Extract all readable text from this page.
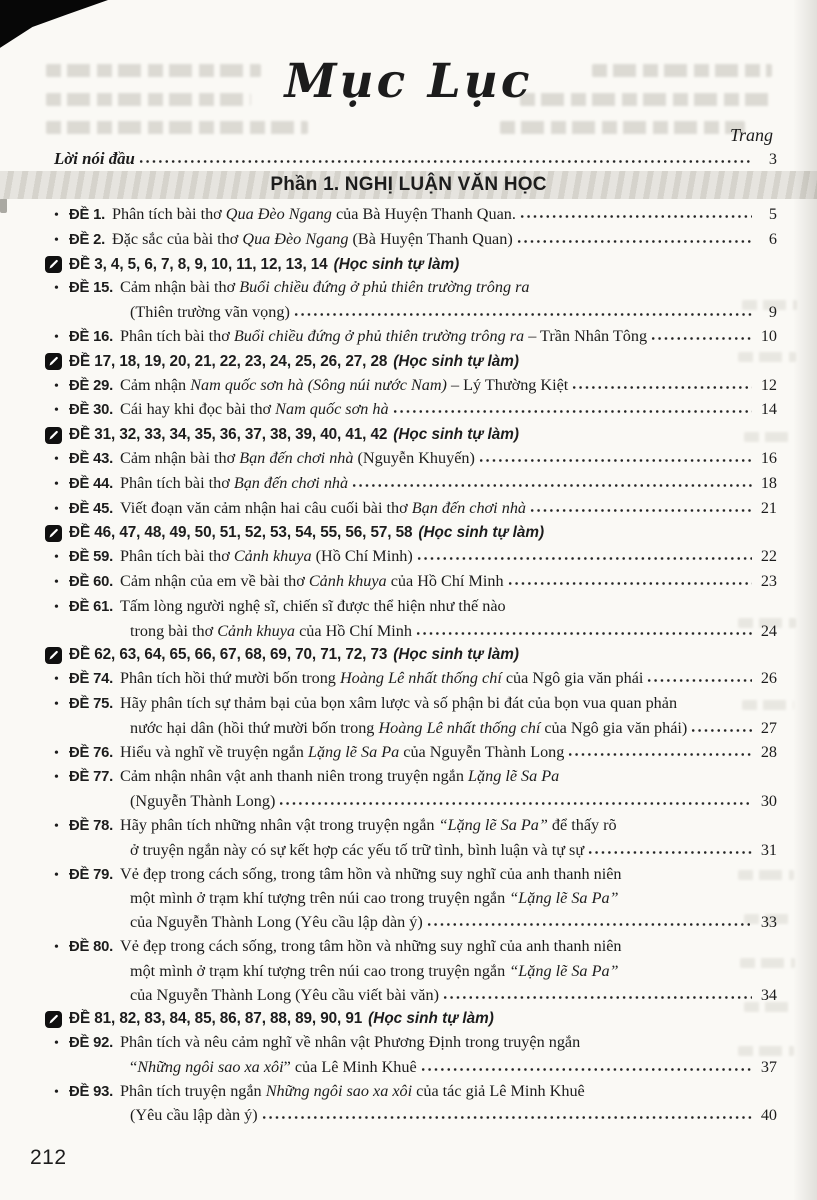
Mục Lục
Trang
Lời nói đầu	3
Phần 1. NGHỊ LUẬN VĂN HỌC
• ĐỀ 1. Phân tích bài thơ Qua Đèo Ngang của Bà Huyện Thanh Quan.	5
• ĐỀ 2. Đặc sắc của bài thơ Qua Đèo Ngang (Bà Huyện Thanh Quan)	6
ĐỀ 3, 4, 5, 6, 7, 8, 9, 10, 11, 12, 13, 14 (Học sinh tự làm)
• ĐỀ 15. Cảm nhận bài thơ Buổi chiều đứng ở phủ thiên trường trông ra
(Thiên trường vãn vọng)	9
• ĐỀ 16. Phân tích bài thơ Buổi chiều đứng ở phủ thiên trường trông ra – Trần Nhân Tông	10
ĐỀ 17, 18, 19, 20, 21, 22, 23, 24, 25, 26, 27, 28 (Học sinh tự làm)
• ĐỀ 29. Cảm nhận Nam quốc sơn hà (Sông núi nước Nam) – Lý Thường Kiệt	12
• ĐỀ 30. Cái hay khi đọc bài thơ Nam quốc sơn hà	14
ĐỀ 31, 32, 33, 34, 35, 36, 37, 38, 39, 40, 41, 42 (Học sinh tự làm)
• ĐỀ 43. Cảm nhận bài thơ Bạn đến chơi nhà (Nguyễn Khuyến)	16
• ĐỀ 44. Phân tích bài thơ Bạn đến chơi nhà	18
• ĐỀ 45. Viết đoạn văn cảm nhận hai câu cuối bài thơ Bạn đến chơi nhà	21
ĐỀ 46, 47, 48, 49, 50, 51, 52, 53, 54, 55, 56, 57, 58 (Học sinh tự làm)
• ĐỀ 59. Phân tích bài thơ Cảnh khuya (Hồ Chí Minh)	22
• ĐỀ 60. Cảm nhận của em về bài thơ Cảnh khuya của Hồ Chí Minh	23
• ĐỀ 61. Tấm lòng người nghệ sĩ, chiến sĩ được thể hiện như thế nào
trong bài thơ Cảnh khuya của Hồ Chí Minh	24
ĐỀ 62, 63, 64, 65, 66, 67, 68, 69, 70, 71, 72, 73 (Học sinh tự làm)
• ĐỀ 74. Phân tích hồi thứ mười bốn trong Hoàng Lê nhất thống chí của Ngô gia văn phái	26
• ĐỀ 75. Hãy phân tích sự thảm bại của bọn xâm lược và số phận bi đát của bọn vua quan phản
nước hại dân (hồi thứ mười bốn trong Hoàng Lê nhất thống chí của Ngô gia văn phái)	27
• ĐỀ 76. Hiểu và nghĩ về truyện ngắn Lặng lẽ Sa Pa của Nguyễn Thành Long	28
• ĐỀ 77. Cảm nhận nhân vật anh thanh niên trong truyện ngắn Lặng lẽ Sa Pa
(Nguyễn Thành Long)	30
• ĐỀ 78. Hãy phân tích những nhân vật trong truyện ngắn “Lặng lẽ Sa Pa” để thấy rõ
ở truyện ngắn này có sự kết hợp các yếu tố trữ tình, bình luận và tự sự	31
• ĐỀ 79. Vẻ đẹp trong cách sống, trong tâm hồn và những suy nghĩ của anh thanh niên
một mình ở trạm khí tượng trên núi cao trong truyện ngắn “Lặng lẽ Sa Pa”
của Nguyễn Thành Long (Yêu cầu lập dàn ý)	33
• ĐỀ 80. Vẻ đẹp trong cách sống, trong tâm hồn và những suy nghĩ của anh thanh niên
một mình ở trạm khí tượng trên núi cao trong truyện ngắn “Lặng lẽ Sa Pa”
của Nguyễn Thành Long (Yêu cầu viết bài văn)	34
ĐỀ 81, 82, 83, 84, 85, 86, 87, 88, 89, 90, 91 (Học sinh tự làm)
• ĐỀ 92. Phân tích và nêu cảm nghĩ về nhân vật Phương Định trong truyện ngắn
“Những ngôi sao xa xôi” của Lê Minh Khuê	37
• ĐỀ 93. Phân tích truyện ngắn Những ngôi sao xa xôi của tác giả Lê Minh Khuê
(Yêu cầu lập dàn ý)	40
212
